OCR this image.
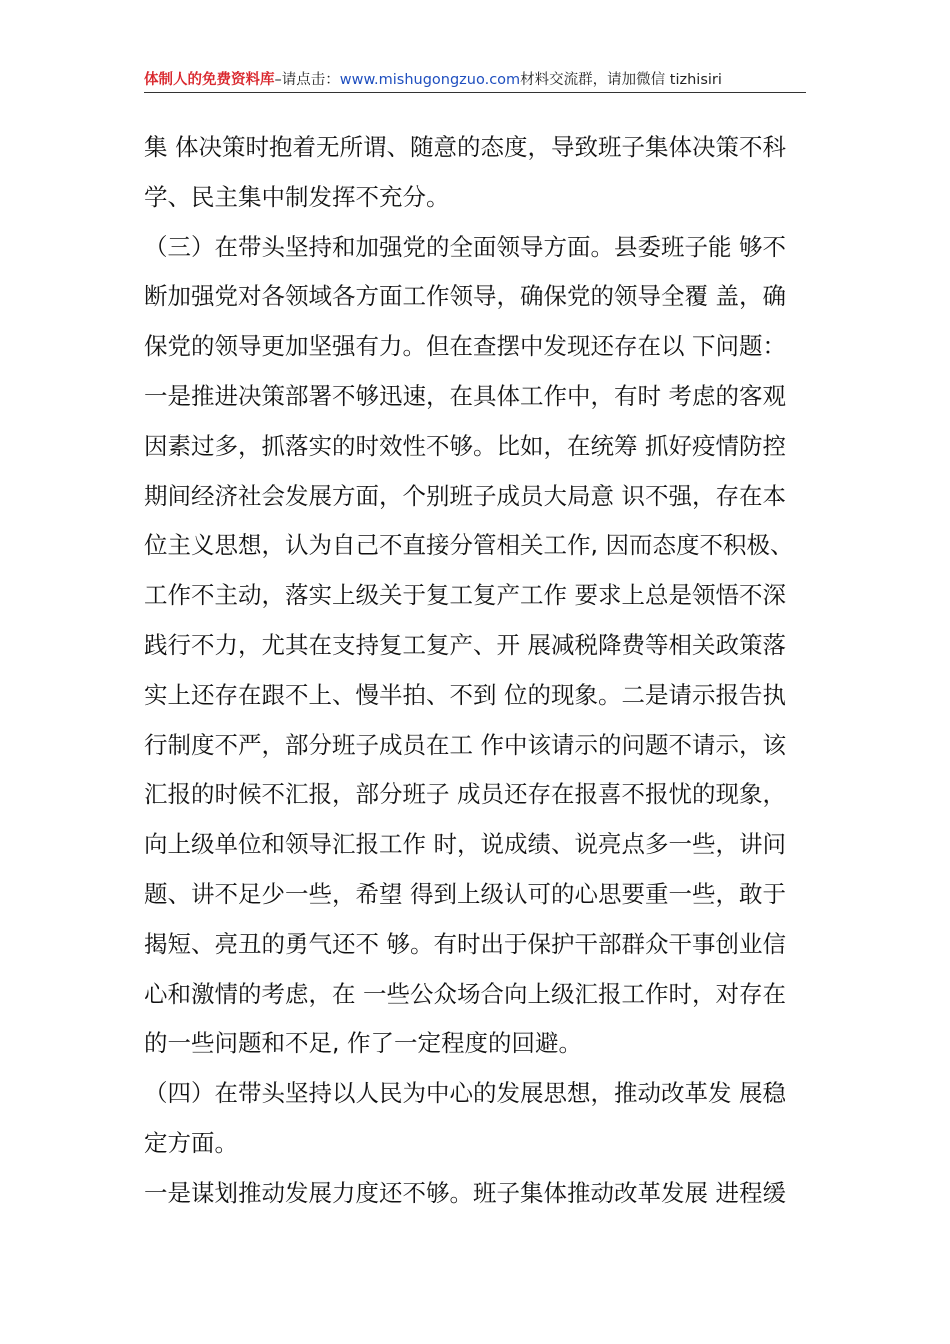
体制人的免费资料库–请点击：www.mishugongzuo.com材料交流群，请加微信 tizhisiri
集 体决策时抱着无所谓、随意的态度，导致班子集体决策不科
学、民主集中制发挥不充分。
（三）在带头坚持和加强党的全面领导方面。县委班子能 够不
断加强党对各领域各方面工作领导，确保党的领导全覆 盖，确
保党的领导更加坚强有力。但在查摆中发现还存在以 下问题：
一是推进决策部署不够迅速，在具体工作中，有时 考虑的客观
因素过多，抓落实的时效性不够。比如，在统筹 抓好疫情防控
期间经济社会发展方面，个别班子成员大局意 识不强，存在本
位主义思想，认为自己不直接分管相关工作, 因而态度不积极、
工作不主动，落实上级关于复工复产工作 要求上总是领悟不深
践行不力，尤其在支持复工复产、开 展减税降费等相关政策落
实上还存在跟不上、慢半拍、不到 位的现象。二是请示报告执
行制度不严，部分班子成员在工 作中该请示的问题不请示，该
汇报的时候不汇报，部分班子 成员还存在报喜不报忧的现象，
向上级单位和领导汇报工作 时，说成绩、说亮点多一些，讲问
题、讲不足少一些，希望 得到上级认可的心思要重一些，敢于
揭短、亮丑的勇气还不 够。有时出于保护干部群众干事创业信
心和激情的考虑，在 一些公众场合向上级汇报工作时，对存在
的一些问题和不足, 作了一定程度的回避。
（四）在带头坚持以人民为中心的发展思想，推动改革发 展稳
定方面。
一是谋划推动发展力度还不够。班子集体推动改革发展 进程缓
